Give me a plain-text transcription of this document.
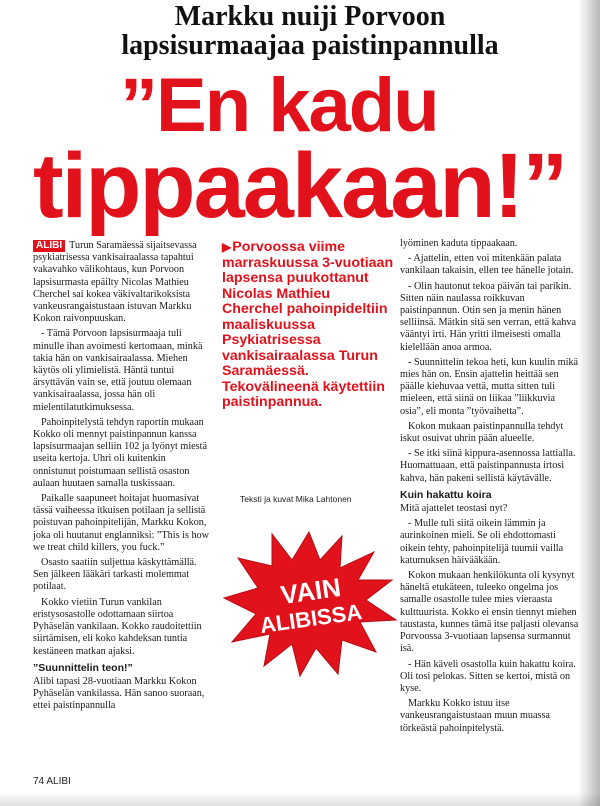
Markku nuiji Porvoon
lapsisurmaajaa paistinpannulla
”En kadu
tippaakaan!”

ALIBI Turun Saramäessä sijaitsevassa psykiatrisessa vankisairaalassa tapahtui vakavahko välikohtaus, kun Porvoon lapsisurmasta epäilty Nicolas Mathieu Cherchel sai kokea väkivaltarikoksista vankeusrangaistustaan istuvan Markku Kokon raivonpuuskan.

- Tämä Porvoon lapsisurmaaja tuli minulle ihan avoimesti kertomaan, minkä takia hän on vankisairaalassa. Miehen käytös oli ylimielistä. Häntä tuntui ärsyttävän vain se, että joutuu olemaan vankisairaalassa, jossa hän oli mielentilatutkimuksessa.

Pahoinpitelystä tehdyn raportin mukaan Kokko oli mennyt paistinpannun kanssa lapsisurmaajan selliin 102 ja lyönyt miestä useita kertoja. Uhri oli kuitenkin onnistunut poistumaan sellistä osaston aulaan huutaen samalla tuskissaan.

Paikalle saapuneet hoitajat huomasivat tässä vaiheessa itkuisen potilaan ja sellistä poistuvan pahoinpitelijän, Markku Kokon, joka oli huutanut englanniksi: ”This is how we treat child killers, you fuck.”

Osasto saatiin suljettua käskyttämällä. Sen jälkeen lääkäri tarkasti molemmat potilaat.

Kokko vietiin Turun vankilan eristysosastolle odottamaan siirtoa Pyhäselän vankilaan. Kokko raudoitettiin siirtämisen, eli koko kahdeksan tuntia kestäneen matkan ajaksi.

”Suunnittelin teon!”

Alibi tapasi 28-vuotiaan Markku Kokon Pyhäselän vankilassa. Hän sanoo suoraan, ettei paistinpannulla

▶Porvoossa viime marraskuussa 3-vuotiaan lapsensa puukottanut Nicolas Mathieu Cherchel pahoinpideltiin maaliskuussa Psykiatrisessa vankisairaalassa Turun Saramäessä. Tekovälineenä käytettiin paistinpannua.
Teksti ja kuvat Mika Lahtonen
VAIN
ALIBISSA

lyöminen kaduta tippaakaan.

- Ajattelin, etten voi mitenkään palata vankilaan takaisin, ellen tee hänelle jotain.

- Olin hautonut tekoa päivän tai parikin. Sitten näin naulassa roikkuvan paistinpannun. Otin sen ja menin hänen selliinsä. Mätkin sitä sen verran, että kahva vääntyi irti. Hän yritti ilmeisesti omalla kielellään anoa armoa.

- Suunnittelin tekoa heti, kun kuulin mikä mies hän on. Ensin ajattelin heittää sen päälle kiehuvaa vettä, mutta sitten tuli mieleen, että siinä on liikaa ”liikkuvia osia”, eli monta ”työvaihetta”.

Kokon mukaan paistinpannulla tehdyt iskut osuivat uhrin pään alueelle.

- Se itki siinä kippura-asennossa lattialla. Huomattuaan, että paistinpannusta irtosi kahva, hän pakeni sellistä käytävälle.

Kuin hakattu koira

Mitä ajattelet teostasi nyt?

- Mulle tuli siitä oikein lämmin ja aurinkoinen mieli. Se oli ehdottomasti oikein tehty, pahoinpitelijä tuumii vailla katumuksen häivääkään.

Kokon mukaan henkilökunta oli kysynyt häneltä etukäteen, tuleeko ongelma jos samalle osastolle tulee mies vieraasta kulttuurista. Kokko ei ensin tiennyt miehen taustasta, kunnes tämä itse paljasti olevansa Porvoossa 3-vuotiaan lapsensa surmannut isä.

- Hän käveli osastolla kuin hakattu koira. Oli tosi pelokas. Sitten se kertoi, mistä on kyse.

Markku Kokko istuu itse vankeusrangaistustaan muun muassa törkeästä pahoinpitelystä.

74 ALIBI
